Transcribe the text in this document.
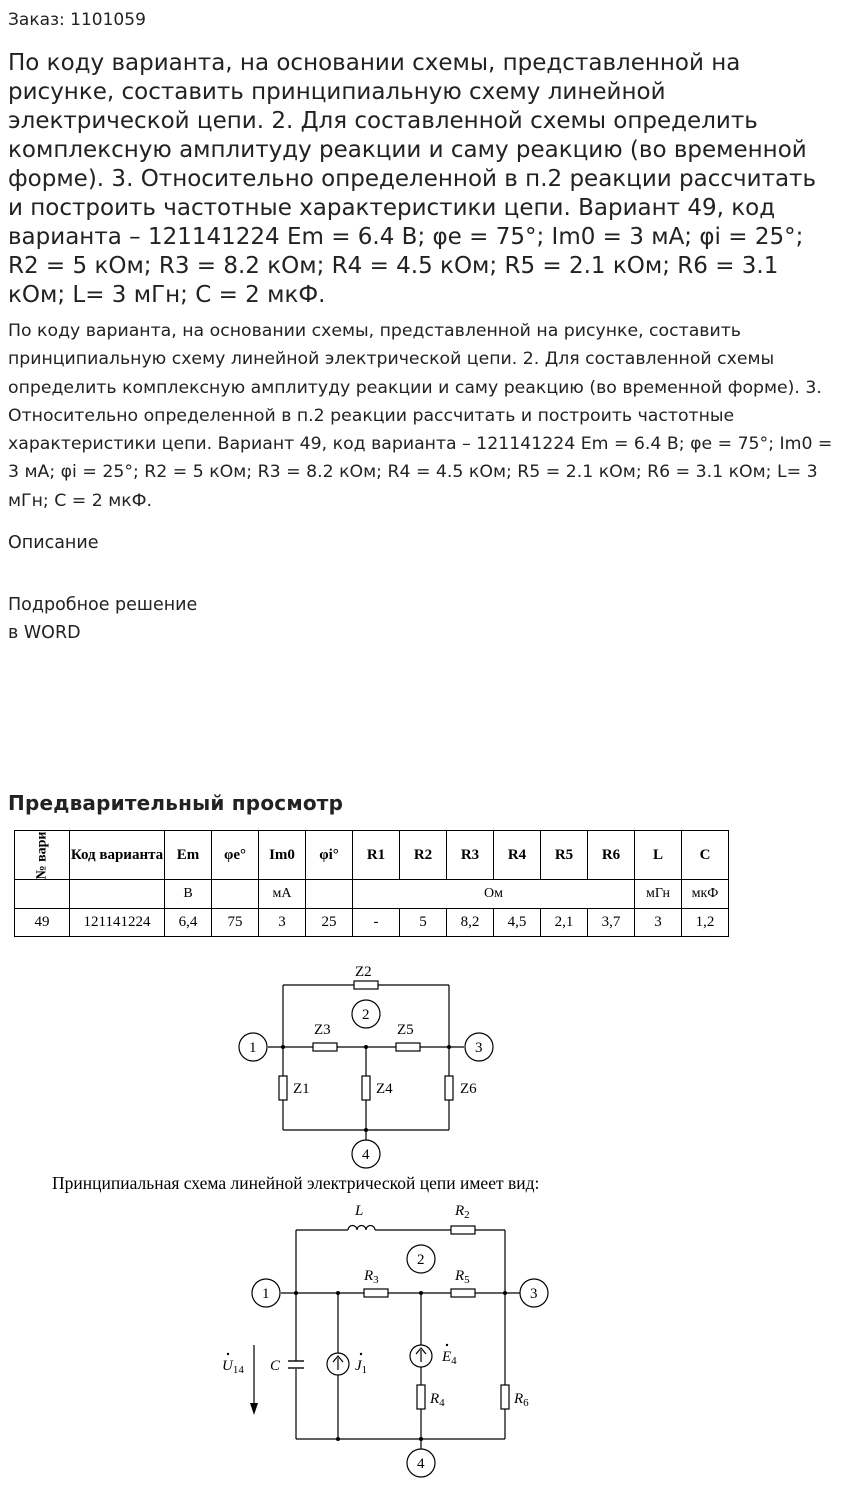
Заказ: 1101059
По коду варианта, на основании схемы, представленной на рисунке, составить принципиальную схему линейной электрической цепи. 2. Для составленной схемы определить комплексную амплитуду реакции и саму реакцию (во временной форме). 3. Относительно определенной в п.2 реакции рассчитать и построить частотные характеристики цепи. Вариант 49, код варианта – 121141224 Em = 6.4 В; φe = 75°; Im0 = 3 мА; φi = 25°; R2 = 5 кОм; R3 = 8.2 кОм; R4 = 4.5 кОм; R5 = 2.1 кОм; R6 = 3.1 кОм; L= 3 мГн; С = 2 мкФ.
По коду варианта, на основании схемы, представленной на рисунке, составить принципиальную схему линейной электрической цепи. 2. Для составленной схемы определить комплексную амплитуду реакции и саму реакцию (во временной форме). 3. Относительно определенной в п.2 реакции рассчитать и построить частотные характеристики цепи. Вариант 49, код варианта – 121141224 Em = 6.4 В; φe = 75°; Im0 = 3 мА; φi = 25°; R2 = 5 кОм; R3 = 8.2 кОм; R4 = 4.5 кОм; R5 = 2.1 кОм; R6 = 3.1 кОм; L= 3 мГн; С = 2 мкФ.
Описание
Подробное решение
в WORD
Предварительный просмотр
№ вари	Код варианта	Em	φe°	Im0	φi°	R1	R2	R3	R4	R5	R6	L	C
		В		мА		Ом						мГн	мкФ
49	121141224	6,4	75	3	25	-	5	8,2	4,5	2,1	3,7	3	1,2
Z2
Z3	Z5
Z1	Z4	Z6
1
2
3
4
Принципиальная схема линейной электрической цепи имеет вид:
L	$R_2$
$R_3$	$R_5$
$R_4$	$R_6$
C	$J_1$
$E_4$
$U_{14}$
1
2
3
4
